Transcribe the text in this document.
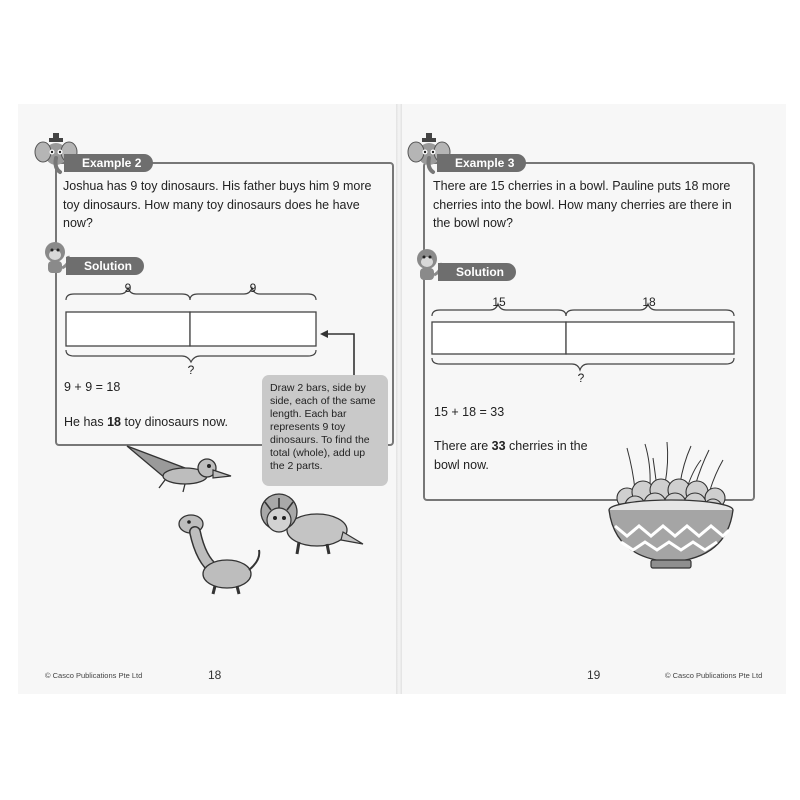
Example 2
Joshua has 9 toy dinosaurs. His father buys him 9 more toy dinosaurs. How many toy dinosaurs does he have now?
Solution
9	9
?
9 + 9 = 18
He has 18 toy dinosaurs now.
Draw 2 bars, side by side, each of the same length. Each bar represents 9 toy dinosaurs. To find the total (whole), add up the 2 parts.
© Casco Publications Pte Ltd	18
Example 3
There are 15 cherries in a bowl. Pauline puts 18 more cherries into the bowl. How many cherries are there in the bowl now?
Solution
15	18
?
15 + 18 = 33
There are 33 cherries in the bowl now.
19	© Casco Publications Pte Ltd
